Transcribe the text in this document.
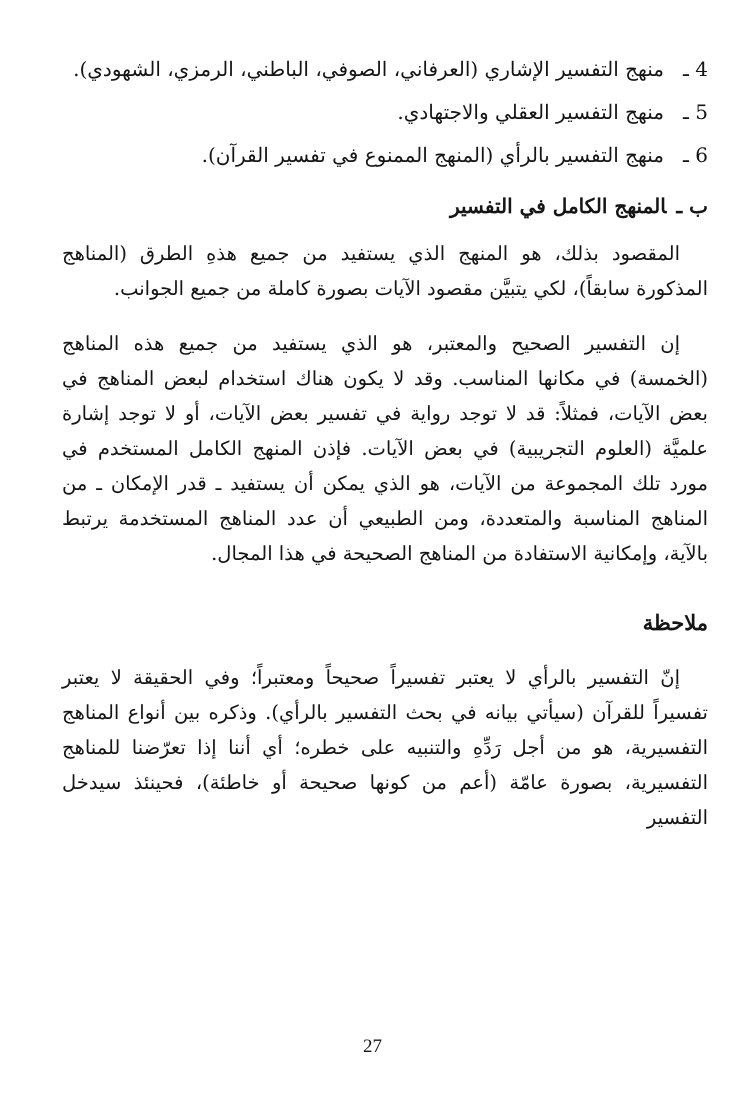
4 ـ
منهج التفسير الإشاري (العرفاني، الصوفي، الباطني، الرمزي، الشهودي).
5 ـ
منهج التفسير العقلي والاجتهادي.
6 ـ
منهج التفسير بالرأي (المنهج الممنوع في تفسير القرآن).
ب ـالمنهج الكامل في التفسير

المقصود بذلك، هو المنهج الذي يستفيد من جميع هذهِ الطرق (المناهج المذكورة سابقاً)، لكي يتبيَّن مقصود الآيات بصورة كاملة من جميع الجوانب.

إن التفسير الصحيح والمعتبر، هو الذي يستفيد من جميع هذه المناهج (الخمسة) في مكانها المناسب. وقد لا يكون هناك استخدام لبعض المناهج في بعض الآيات، فمثلاً: قد لا توجد رواية في تفسير بعض الآيات، أو لا توجد إشارة علميَّة (العلوم التجريبية) في بعض الآيات. فإذن المنهج الكامل المستخدم في مورد تلك المجموعة من الآيات، هو الذي يمكن أن يستفيد ـ قدر الإمكان ـ من المناهج المناسبة والمتعددة، ومن الطبيعي أن عدد المناهج المستخدمة يرتبط بالآية، وإمكانية الاستفادة من المناهج الصحيحة في هذا المجال.

ملاحظة

إنّ التفسير بالرأي لا يعتبر تفسيراً صحيحاً ومعتبراً؛ وفي الحقيقة لا يعتبر تفسيراً للقرآن (سيأتي بيانه في بحث التفسير بالرأي). وذكره بين أنواع المناهج التفسيرية، هو من أجل رَدِّهِ والتنبيه على خطره؛ أي أننا إذا تعرّضنا للمناهج التفسيرية، بصورة عامّة (أعم من كونها صحيحة أو خاطئة)، فحينئذ سيدخل التفسير

27
